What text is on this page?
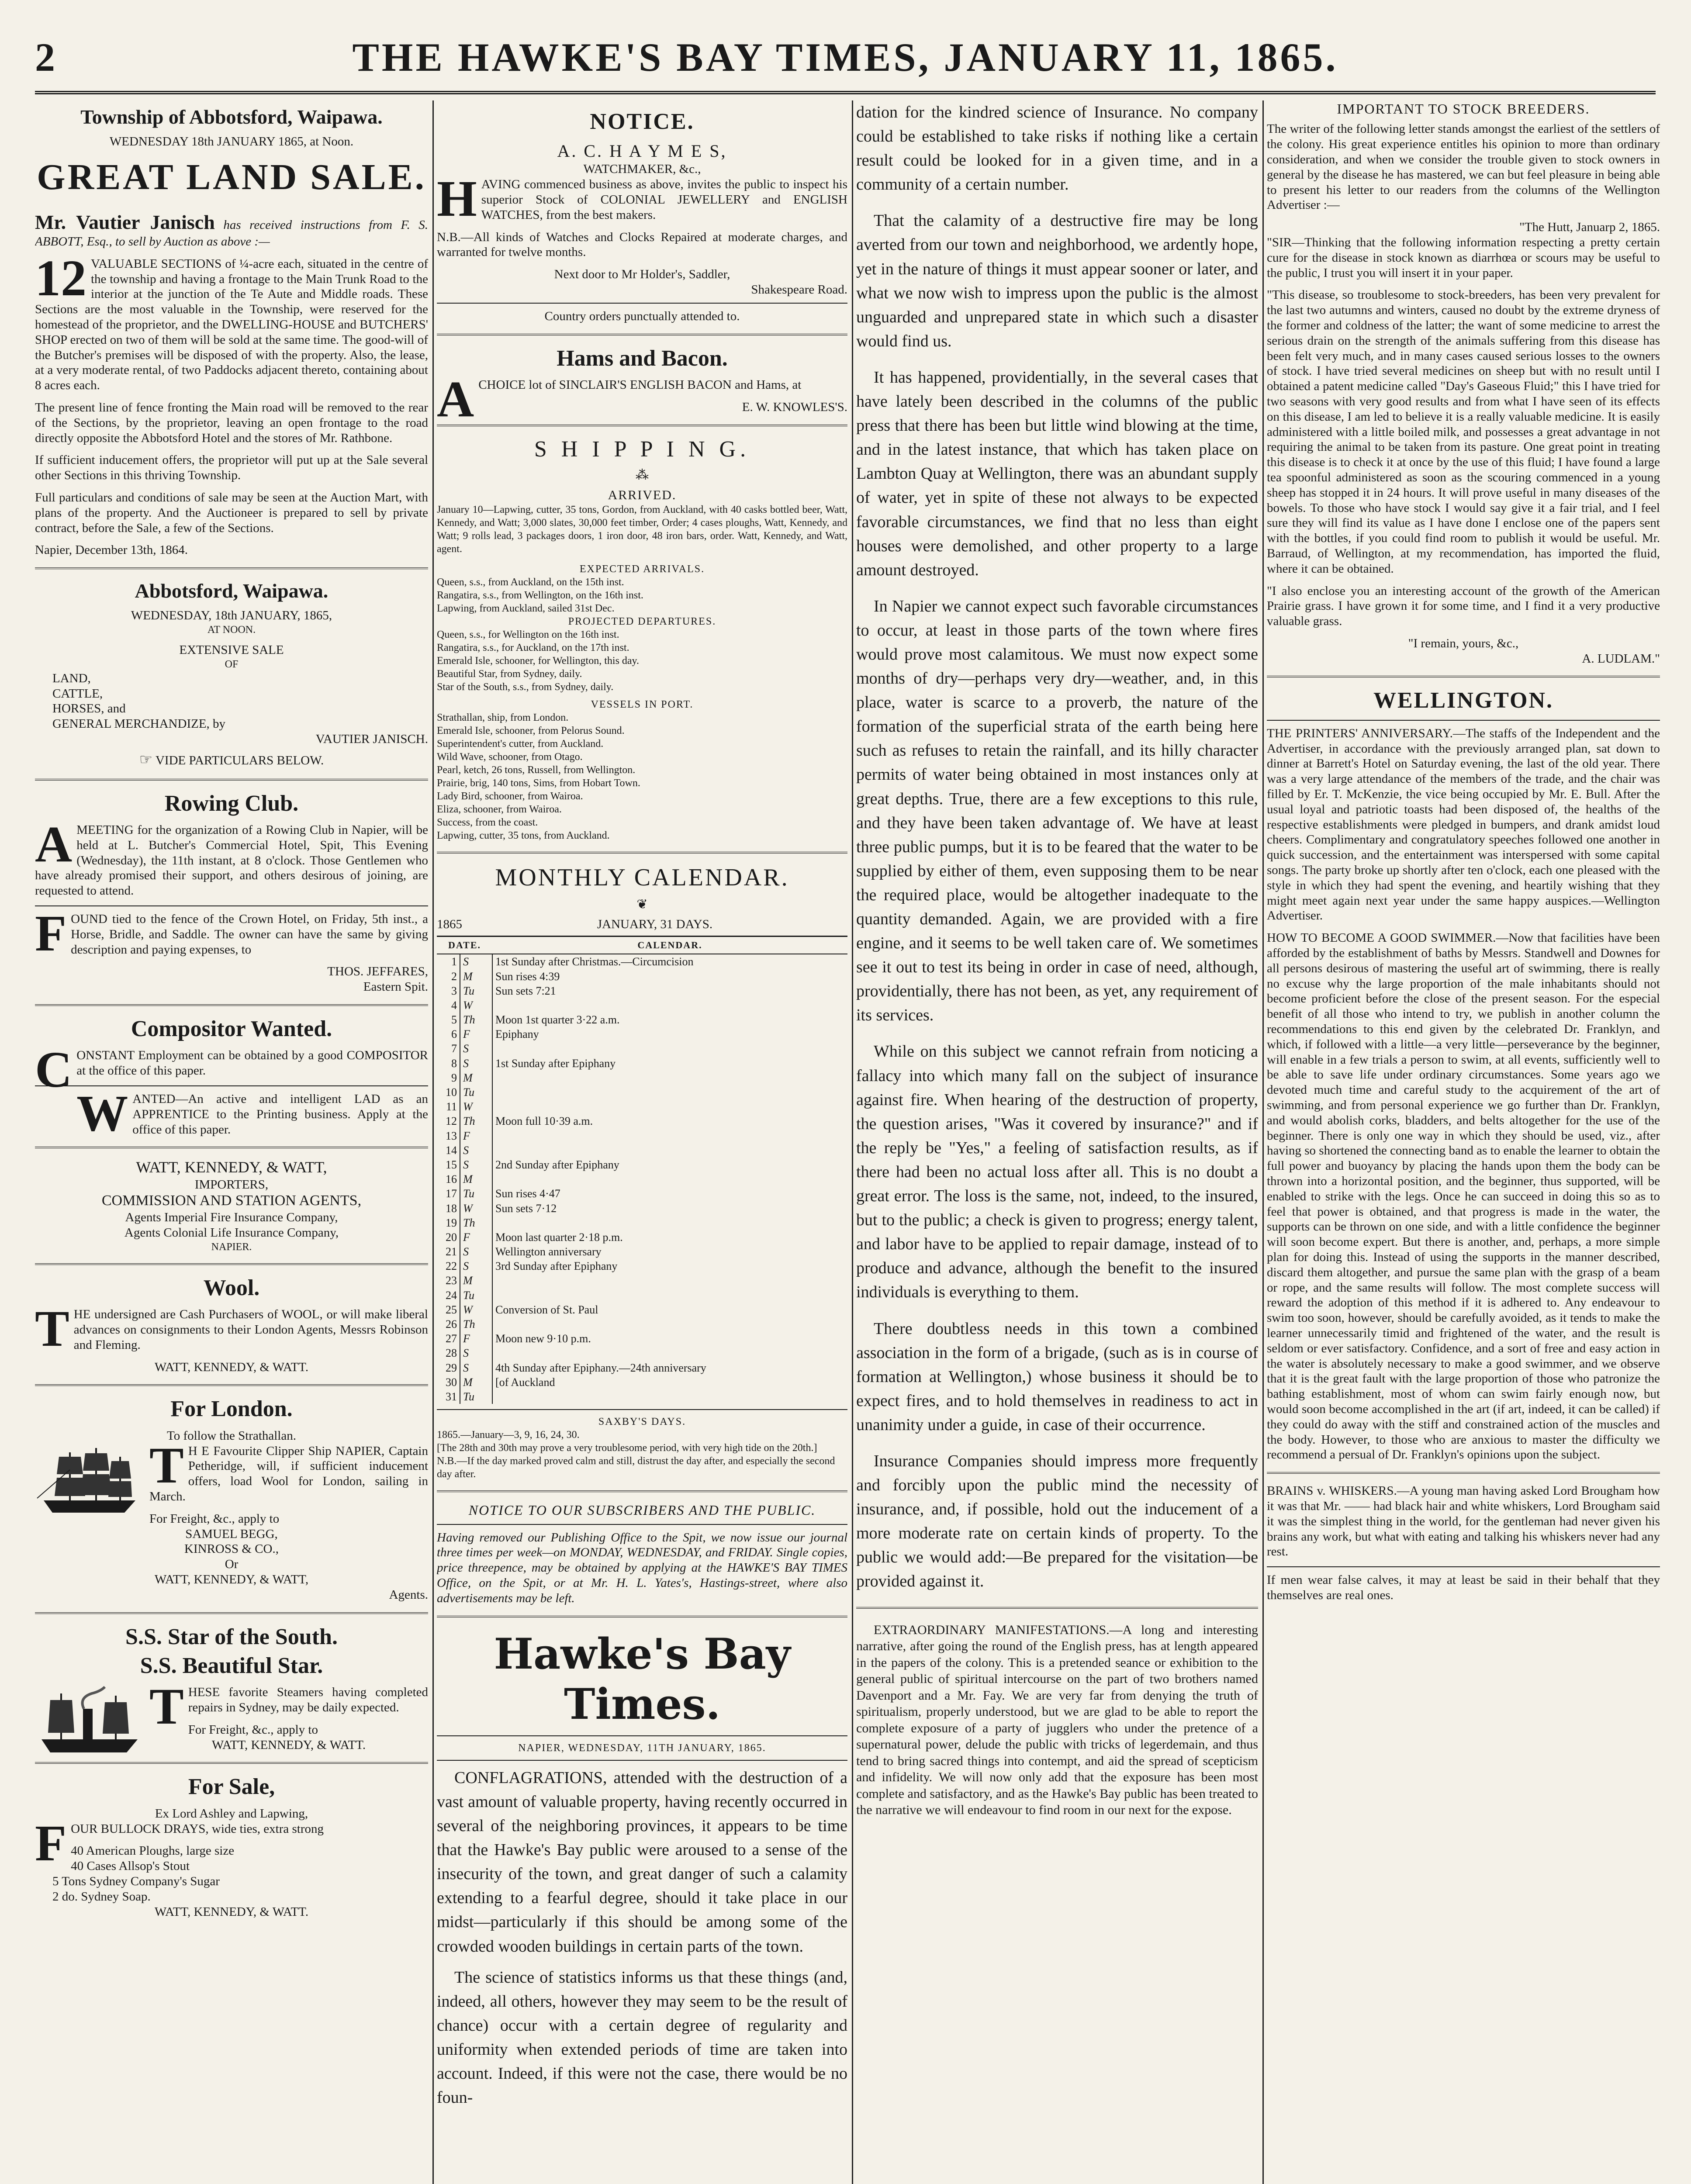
2	THE HAWKE'S BAY TIMES, JANUARY 11, 1865.
Township of Abbotsford, Waipawa.
WEDNESDAY 18th JANUARY 1865, at Noon.
GREAT LAND SALE.

Mr. Vautier Janisch has received instructions from F. S. ABBOTT, Esq., to sell by Auction as above :—

12 VALUABLE SECTIONS of ¼-acre each, situated in the centre of the township and having a frontage to the Main Trunk Road to the interior at the junction of the Te Aute and Middle roads. These Sections are the most valuable in the Township, were reserved for the homestead of the proprietor, and the DWELLING-HOUSE and BUTCHERS' SHOP erected on two of them will be sold at the same time. The good-will of the Butcher's premises will be disposed of with the property. Also, the lease, at a very moderate rental, of two Paddocks adjacent thereto, containing about 8 acres each.

The present line of fence fronting the Main road will be removed to the rear of the Sections, by the proprietor, leaving an open frontage to the road directly opposite the Abbotsford Hotel and the stores of Mr. Rathbone.

If sufficient inducement offers, the proprietor will put up at the Sale several other Sections in this thriving Township.

Full particulars and conditions of sale may be seen at the Auction Mart, with plans of the property. And the Auctioneer is prepared to sell by private contract, before the Sale, a few of the Sections.

Napier, December 13th, 1864.

Abbotsford, Waipawa.
WEDNESDAY, 18th JANUARY, 1865,
AT NOON.
EXTENSIVE SALE
OF
LAND,
CATTLE,
HORSES, and
GENERAL MERCHANDIZE, by
VAUTIER JANISCH.
☞ VIDE PARTICULARS BELOW.
Rowing Club.

AMEETING for the organization of a Rowing Club in Napier, will be held at L. Butcher's Commercial Hotel, Spit, This Evening (Wednesday), the 11th instant, at 8 o'clock. Those Gentlemen who have already promised their support, and others desirous of joining, are requested to attend.

FOUND tied to the fence of the Crown Hotel, on Friday, 5th inst., a Horse, Bridle, and Saddle. The owner can have the same by giving description and paying expenses, to

THOS. JEFFARES,
Eastern Spit.
Compositor Wanted.

CONSTANT Employment can be obtained by a good COMPOSITOR at the office of this paper.

WANTED—An active and intelligent LAD as an APPRENTICE to the Printing business. Apply at the office of this paper.

WATT, KENNEDY, & WATT,
IMPORTERS,
COMMISSION AND STATION AGENTS,
Agents Imperial Fire Insurance Company,
Agents Colonial Life Insurance Company,
NAPIER.
Wool.

THE undersigned are Cash Purchasers of WOOL, or will make liberal advances on consignments to their London Agents, Messrs Robinson and Fleming.

WATT, KENNEDY, & WATT.
For London.
To follow the Strathallan.

T H E Favourite Clipper Ship NAPIER, Captain Petheridge, will, if sufficient inducement offers, load Wool for London, sailing in March.

For Freight, &c., apply to
SAMUEL BEGG,
KINROSS & CO.,
Or
WATT, KENNEDY, & WATT,
Agents.
S.S. Star of the South.
S.S. Beautiful Star.

THESE favorite Steamers having completed repairs in Sydney, may be daily expected.

For Freight, &c., apply to
WATT, KENNEDY, & WATT.
For Sale,
Ex Lord Ashley and Lapwing,

FOUR BULLOCK DRAYS, wide ties, extra strong

40 American Ploughs, large size
40 Cases Allsop's Stout
5 Tons Sydney Company's Sugar
2 do. Sydney Soap.
WATT, KENNEDY, & WATT.
NOTICE.
A. C. H A Y M E S,
WATCHMAKER, &c.,

HAVING commenced business as above, invites the public to inspect his superior Stock of COLONIAL JEWELLERY and ENGLISH WATCHES, from the best makers.

N.B.—All kinds of Watches and Clocks Repaired at moderate charges, and warranted for twelve months.

Next door to Mr Holder's, Saddler,
Shakespeare Road.
Country orders punctually attended to.
Hams and Bacon.

ACHOICE lot of SINCLAIR'S ENGLISH BACON and Hams, at

E. W. KNOWLES'S.
S H I P P I N G.
⁂
ARRIVED.

January 10—Lapwing, cutter, 35 tons, Gordon, from Auckland, with 40 casks bottled beer, Watt, Kennedy, and Watt; 3,000 slates, 30,000 feet timber, Order; 4 cases ploughs, Watt, Kennedy, and Watt; 9 rolls lead, 3 packages doors, 1 iron door, 48 iron bars, order. Watt, Kennedy, and Watt, agent.

EXPECTED ARRIVALS.
Queen, s.s., from Auckland, on the 15th inst.
Rangatira, s.s., from Wellington, on the 16th inst.
Lapwing, from Auckland, sailed 31st Dec.
PROJECTED DEPARTURES.
Queen, s.s., for Wellington on the 16th inst.
Rangatira, s.s., for Auckland, on the 17th inst.
Emerald Isle, schooner, for Wellington, this day.
Beautiful Star, from Sydney, daily.
Star of the South, s.s., from Sydney, daily.
VESSELS IN PORT.
Strathallan, ship, from London.
Emerald Isle, schooner, from Pelorus Sound.
Superintendent's cutter, from Auckland.
Wild Wave, schooner, from Otago.
Pearl, ketch, 26 tons, Russell, from Wellington.
Prairie, brig, 140 tons, Sims, from Hobart Town.
Lady Bird, schooner, from Wairoa.
Eliza, schooner, from Wairoa.
Success, from the coast.
Lapwing, cutter, 35 tons, from Auckland.
MONTHLY CALENDAR.
❦
1865	JANUARY, 31 DAYS.
DATE.		CALENDAR.
1	S	1st Sunday after Christmas.—Circumcision
2	M	Sun rises 4:39
3	Tu	Sun sets 7:21
4	W	
5	Th	Moon 1st quarter 3·22 a.m.
6	F	Epiphany
7	S	
8	S	1st Sunday after Epiphany
9	M	
10	Tu	
11	W	
12	Th	Moon full 10·39 a.m.
13	F	
14	S	
15	S	2nd Sunday after Epiphany
16	M	
17	Tu	Sun rises 4·47
18	W	Sun sets 7·12
19	Th	
20	F	Moon last quarter 2·18 p.m.
21	S	Wellington anniversary
22	S	3rd Sunday after Epiphany
23	M	
24	Tu	
25	W	Conversion of St. Paul
26	Th	
27	F	Moon new 9·10 p.m.
28	S	
29	S	4th Sunday after Epiphany.—24th anniversary
30	M	[of Auckland
31	Tu	
SAXBY'S DAYS.
1865.—January—3, 9, 16, 24, 30.
[The 28th and 30th may prove a very troublesome period, with very high tide on the 20th.]
N.B.—If the day marked proved calm and still, distrust the day after, and especially the second day after.
NOTICE TO OUR SUBSCRIBERS AND THE PUBLIC.

Having removed our Publishing Office to the Spit, we now issue our journal three times per week—on MONDAY, WEDNESDAY, and FRIDAY. Single copies, price threepence, may be obtained by applying at the HAWKE'S BAY TIMES Office, on the Spit, or at Mr. H. L. Yates's, Hastings-street, where also advertisements may be left.

Hawke's Bay Times.
NAPIER, WEDNESDAY, 11TH JANUARY, 1865.

CONFLAGRATIONS, attended with the destruction of a vast amount of valuable property, having recently occurred in several of the neighboring provinces, it appears to be time that the Hawke's Bay public were aroused to a sense of the insecurity of the town, and great danger of such a calamity extending to a fearful degree, should it take place in our midst—particularly if this should be among some of the crowded wooden buildings in certain parts of the town.

The science of statistics informs us that these things (and, indeed, all others, however they may seem to be the result of chance) occur with a certain degree of regularity and uniformity when extended periods of time are taken into account. Indeed, if this were not the case, there would be no foun-

dation for the kindred science of Insurance. No company could be established to take risks if nothing like a certain result could be looked for in a given time, and in a community of a certain number.

That the calamity of a destructive fire may be long averted from our town and neighborhood, we ardently hope, yet in the nature of things it must appear sooner or later, and what we now wish to impress upon the public is the almost unguarded and unprepared state in which such a disaster would find us.

It has happened, providentially, in the several cases that have lately been described in the columns of the public press that there has been but little wind blowing at the time, and in the latest instance, that which has taken place on Lambton Quay at Wellington, there was an abundant supply of water, yet in spite of these not always to be expected favorable circumstances, we find that no less than eight houses were demolished, and other property to a large amount destroyed.

In Napier we cannot expect such favorable circumstances to occur, at least in those parts of the town where fires would prove most calamitous. We must now expect some months of dry—perhaps very dry—weather, and, in this place, water is scarce to a proverb, the nature of the formation of the superficial strata of the earth being here such as refuses to retain the rainfall, and its hilly character permits of water being obtained in most instances only at great depths. True, there are a few exceptions to this rule, and they have been taken advantage of. We have at least three public pumps, but it is to be feared that the water to be supplied by either of them, even supposing them to be near the required place, would be altogether inadequate to the quantity demanded. Again, we are provided with a fire engine, and it seems to be well taken care of. We sometimes see it out to test its being in order in case of need, although, providentially, there has not been, as yet, any requirement of its services.

While on this subject we cannot refrain from noticing a fallacy into which many fall on the subject of insurance against fire. When hearing of the destruction of property, the question arises, "Was it covered by insurance?" and if the reply be "Yes," a feeling of satisfaction results, as if there had been no actual loss after all. This is no doubt a great error. The loss is the same, not, indeed, to the insured, but to the public; a check is given to progress; energy talent, and labor have to be applied to repair damage, instead of to produce and advance, although the benefit to the insured individuals is everything to them.

There doubtless needs in this town a combined association in the form of a brigade, (such as is in course of formation at Wellington,) whose business it should be to expect fires, and to hold themselves in readiness to act in unanimity under a guide, in case of their occurrence.

Insurance Companies should impress more frequently and forcibly upon the public mind the necessity of insurance, and, if possible, hold out the inducement of a more moderate rate on certain kinds of property. To the public we would add:—Be prepared for the visitation—be provided against it.

EXTRAORDINARY MANIFESTATIONS.—A long and interesting narrative, after going the round of the English press, has at length appeared in the papers of the colony. This is a pretended seance or exhibition to the general public of spiritual intercourse on the part of two brothers named Davenport and a Mr. Fay. We are very far from denying the truth of spiritualism, properly understood, but we are glad to be able to report the complete exposure of a party of jugglers who under the pretence of a supernatural power, delude the public with tricks of legerdemain, and thus tend to bring sacred things into contempt, and aid the spread of scepticism and infidelity. We will now only add that the exposure has been most complete and satisfactory, and as the Hawke's Bay public has been treated to the narrative we will endeavour to find room in our next for the expose.

IMPORTANT TO STOCK BREEDERS.

The writer of the following letter stands amongst the earliest of the settlers of the colony. His great experience entitles his opinion to more than ordinary consideration, and when we consider the trouble given to stock owners in general by the disease he has mastered, we can but feel pleasure in being able to present his letter to our readers from the columns of the Wellington Advertiser :—

"The Hutt, Januarp 2, 1865.

"SIR—Thinking that the following information respecting a pretty certain cure for the disease in stock known as diarrhœa or scours may be useful to the public, I trust you will insert it in your paper.

"This disease, so troublesome to stock-breeders, has been very prevalent for the last two autumns and winters, caused no doubt by the extreme dryness of the former and coldness of the latter; the want of some medicine to arrest the serious drain on the strength of the animals suffering from this disease has been felt very much, and in many cases caused serious losses to the owners of stock. I have tried several medicines on sheep but with no result until I obtained a patent medicine called "Day's Gaseous Fluid;" this I have tried for two seasons with very good results and from what I have seen of its effects on this disease, I am led to believe it is a really valuable medicine. It is easily administered with a little boiled milk, and possesses a great advantage in not requiring the animal to be taken from its pasture. One great point in treating this disease is to check it at once by the use of this fluid; I have found a large tea spoonful administered as soon as the scouring commenced in a young sheep has stopped it in 24 hours. It will prove useful in many diseases of the bowels. To those who have stock I would say give it a fair trial, and I feel sure they will find its value as I have done I enclose one of the papers sent with the bottles, if you could find room to publish it would be useful. Mr. Barraud, of Wellington, at my recommendation, has imported the fluid, where it can be obtained.

"I also enclose you an interesting account of the growth of the American Prairie grass. I have grown it for some time, and I find it a very productive valuable grass.

"I remain, yours, &c.,
A. LUDLAM."
WELLINGTON.

THE PRINTERS' ANNIVERSARY.—The staffs of the Independent and the Advertiser, in accordance with the previously arranged plan, sat down to dinner at Barrett's Hotel on Saturday evening, the last of the old year. There was a very large attendance of the members of the trade, and the chair was filled by Er. T. McKenzie, the vice being occupied by Mr. E. Bull. After the usual loyal and patriotic toasts had been disposed of, the healths of the respective establishments were pledged in bumpers, and drank amidst loud cheers. Complimentary and congratulatory speeches followed one another in quick succession, and the entertainment was interspersed with some capital songs. The party broke up shortly after ten o'clock, each one pleased with the style in which they had spent the evening, and heartily wishing that they might meet again next year under the same happy auspices.—Wellington Advertiser.

HOW TO BECOME A GOOD SWIMMER.—Now that facilities have been afforded by the establishment of baths by Messrs. Standwell and Downes for all persons desirous of mastering the useful art of swimming, there is really no excuse why the large proportion of the male inhabitants should not become proficient before the close of the present season. For the especial benefit of all those who intend to try, we publish in another column the recommendations to this end given by the celebrated Dr. Franklyn, and which, if followed with a little—a very little—perseverance by the beginner, will enable in a few trials a person to swim, at all events, sufficiently well to be able to save life under ordinary circumstances. Some years ago we devoted much time and careful study to the acquirement of the art of swimming, and from personal experience we go further than Dr. Franklyn, and would abolish corks, bladders, and belts altogether for the use of the beginner. There is only one way in which they should be used, viz., after having so shortened the connecting band as to enable the learner to obtain the full power and buoyancy by placing the hands upon them the body can be thrown into a horizontal position, and the beginner, thus supported, will be enabled to strike with the legs. Once he can succeed in doing this so as to feel that power is obtained, and that progress is made in the water, the supports can be thrown on one side, and with a little confidence the beginner will soon become expert. But there is another, and, perhaps, a more simple plan for doing this. Instead of using the supports in the manner described, discard them altogether, and pursue the same plan with the grasp of a beam or rope, and the same results will follow. The most complete success will reward the adoption of this method if it is adhered to. Any endeavour to swim too soon, however, should be carefully avoided, as it tends to make the learner unnecessarily timid and frightened of the water, and the result is seldom or ever satisfactory. Confidence, and a sort of free and easy action in the water is absolutely necessary to make a good swimmer, and we observe that it is the great fault with the large proportion of those who patronize the bathing establishment, most of whom can swim fairly enough now, but would soon become accomplished in the art (if art, indeed, it can be called) if they could do away with the stiff and constrained action of the muscles and the body. However, to those who are anxious to master the difficulty we recommend a persual of Dr. Franklyn's opinions upon the subject.

BRAINS v. WHISKERS.—A young man having asked Lord Brougham how it was that Mr. —— had black hair and white whiskers, Lord Brougham said it was the simplest thing in the world, for the gentleman had never given his brains any work, but what with eating and talking his whiskers never had any rest.

If men wear false calves, it may at least be said in their behalf that they themselves are real ones.
